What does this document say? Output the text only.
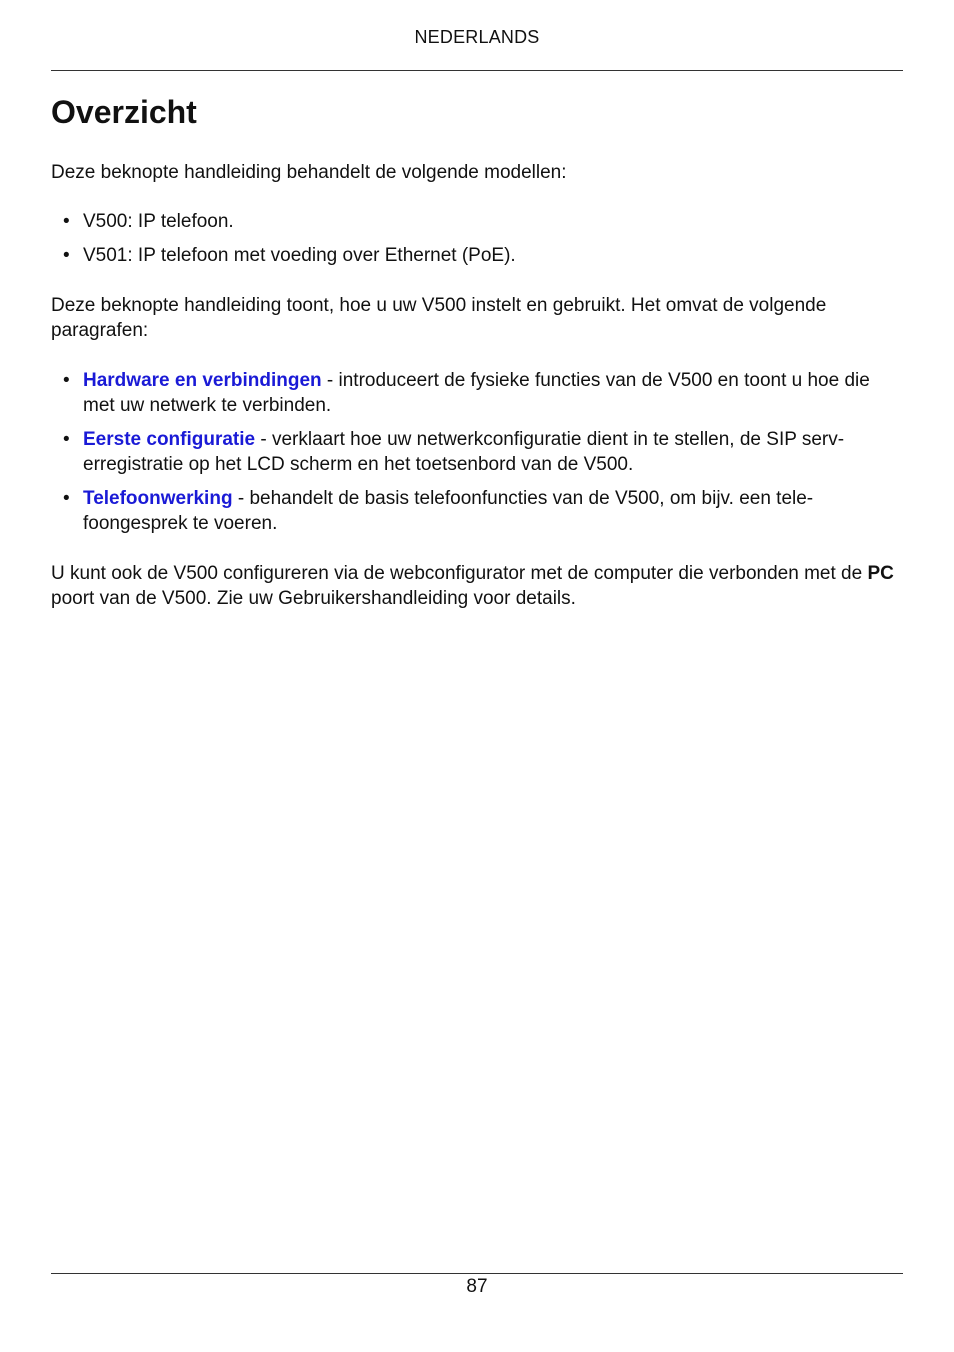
NEDERLANDS
Overzicht

Deze beknopte handleiding behandelt de volgende modellen:

• V500: IP telefoon.
• V501: IP telefoon met voeding over Ethernet (PoE).

Deze beknopte handleiding toont, hoe u uw V500 instelt en gebruikt. Het omvat de volgende paragrafen:

• Hardware en verbindingen - introduceert de fysieke functies van de V500 en toont u hoe die met uw netwerk te verbinden.
• Eerste configuratie - verklaart hoe uw netwerkconfiguratie dient in te stellen, de SIP serv-erregistratie op het LCD scherm en het toetsenbord van de V500.
• Telefoonwerking - behandelt de basis telefoonfuncties van de V500, om bijv. een tele-foongesprek te voeren.

U kunt ook de V500 configureren via de webconfigurator met de computer die verbonden met de PC poort van de V500. Zie uw Gebruikershandleiding voor details.

87
